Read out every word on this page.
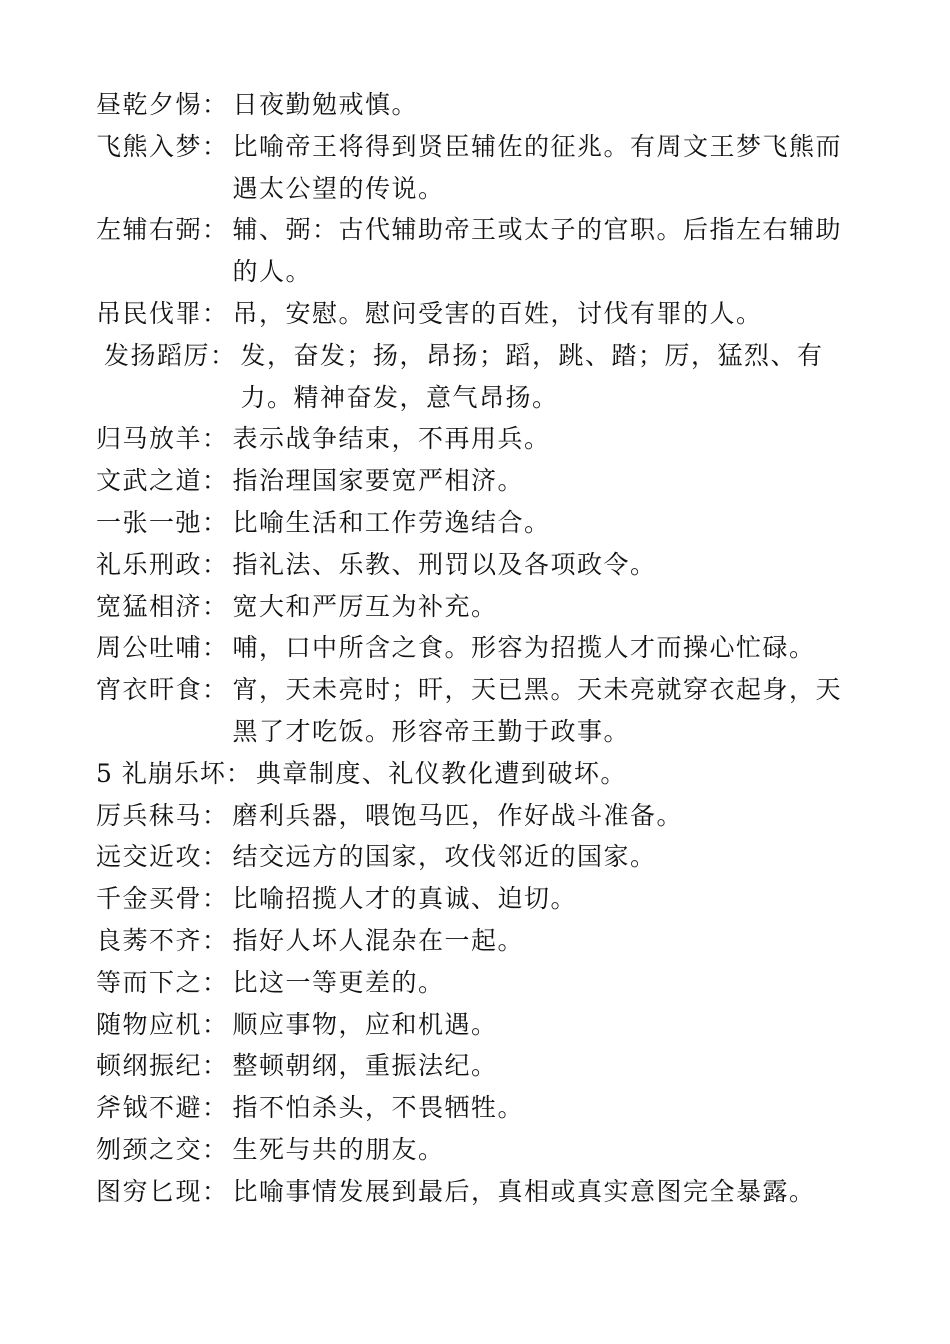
昼乾夕惕： 日夜勤勉戒慎。
飞熊入梦： 比喻帝王将得到贤臣辅佐的征兆。有周文王梦飞熊而遇太公望的传说。
左辅右弼： 辅、弼：古代辅助帝王或太子的官职。后指左右辅助的人。
吊民伐罪： 吊，安慰。慰问受害的百姓，讨伐有罪的人。
发扬蹈厉： 发，奋发；扬，昂扬；蹈，跳、踏；厉，猛烈、有力。精神奋发，意气昂扬。
归马放羊： 表示战争结束，不再用兵。
文武之道： 指治理国家要宽严相济。
一张一弛： 比喻生活和工作劳逸结合。
礼乐刑政： 指礼法、乐教、刑罚以及各项政令。
宽猛相济： 宽大和严厉互为补充。
周公吐哺： 哺，口中所含之食。形容为招揽人才而操心忙碌。
宵衣旰食： 宵，天未亮时；旰，天已黑。天未亮就穿衣起身，天黑了才吃饭。形容帝王勤于政事。
5 礼崩乐坏： 典章制度、礼仪教化遭到破坏。
厉兵秣马： 磨利兵器，喂饱马匹，作好战斗准备。
远交近攻： 结交远方的国家，攻伐邻近的国家。
千金买骨： 比喻招揽人才的真诚、迫切。
良莠不齐： 指好人坏人混杂在一起。
等而下之： 比这一等更差的。
随物应机： 顺应事物，应和机遇。
顿纲振纪： 整顿朝纲，重振法纪。
斧钺不避： 指不怕杀头，不畏牺牲。
刎颈之交： 生死与共的朋友。
图穷匕现： 比喻事情发展到最后，真相或真实意图完全暴露。
